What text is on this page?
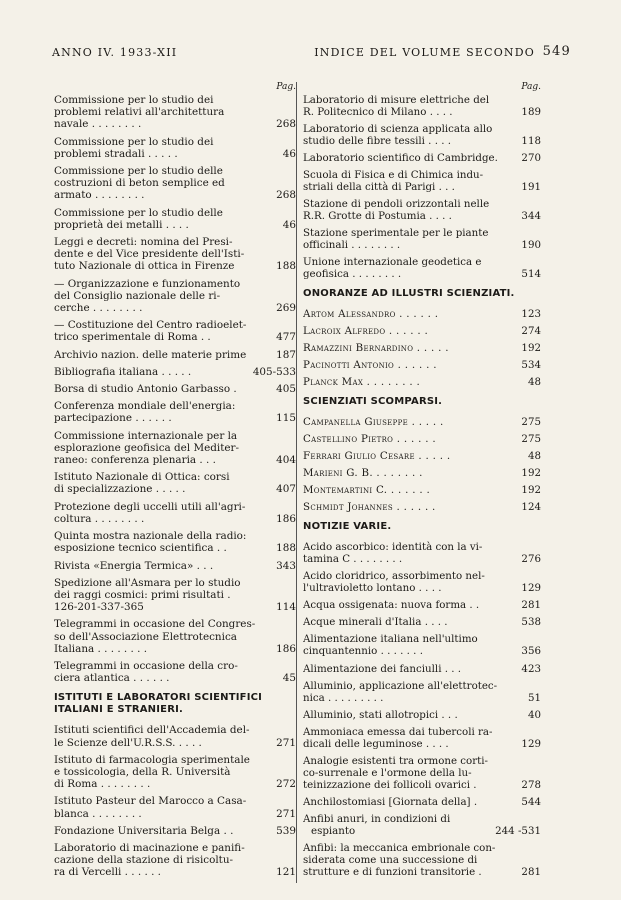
ANNO IV. 1933-XII	INDICE DEL VOLUME SECONDO 549
Pag.
Commissione per lo studio dei
problemi relativi all'architettura
navale . . . . . . . .	268
Commissione per lo studio dei
problemi stradali . . . . .	46
Commissione per lo studio delle
costruzioni di beton semplice ed
armato . . . . . . . .	268
Commissione per lo studio delle
proprietà dei metalli . . . .	46
Leggi e decreti: nomina del Presi-
dente e del Vice presidente dell'Isti-
tuto Nazionale di ottica in Firenze	188
— Organizzazione e funzionamento
del Consiglio nazionale delle ri-
cerche . . . . . . . .	269
— Costituzione del Centro radioelet-
trico sperimentale di Roma . .	477
Archivio nazion. delle materie prime	187
Bibliografia italiana . . . . .	405-533
Borsa di studio Antonio Garbasso .	405
Conferenza mondiale dell'energia:
partecipazione . . . . . .	115
Commissione internazionale per la
esplorazione geofisica del Mediter-
raneo: conferenza plenaria . . .	404
Istituto Nazionale di Ottica: corsi
di specializzazione . . . . .	407
Protezione degli uccelli utili all'agri-
coltura . . . . . . . .	186
Quinta mostra nazionale della radio:
esposizione tecnico scientifica . .	188
Rivista «Energia Termica» . . .	343
Spedizione all'Asmara per lo studio
dei raggi cosmici: primi risultati .
126-201-337-365	114
Telegrammi in occasione del Congres-
so dell'Associazione Elettrotecnica
Italiana . . . . . . . .	186
Telegrammi in occasione della cro-
ciera atlantica . . . . . .	45
ISTITUTI E LABORATORI SCIENTIFICI ITALIANI E STRANIERI.
Istituti scientifici dell'Accademia del-
le Scienze dell'U.R.S.S. . . . .	271
Istituto di farmacologia sperimentale
e tossicologia, della R. Università
di Roma . . . . . . . .	272
Istituto Pasteur del Marocco a Casa-
blanca . . . . . . . .	271
Fondazione Universitaria Belga . .	539
Laboratorio di macinazione e panifi-
cazione della stazione di risicoltu-
ra di Vercelli . . . . . .	121
Pag.
Laboratorio di misure elettriche del
R. Politecnico di Milano . . . .	189
Laboratorio di scienza applicata allo
studio delle fibre tessili . . . .	118
Laboratorio scientifico di Cambridge.	270
Scuola di Fisica e di Chimica indu-
striali della città di Parigi . . .	191
Stazione di pendoli orizzontali nelle
R.R. Grotte di Postumia . . . .	344
Stazione sperimentale per le piante
officinali . . . . . . . .	190
Unione internazionale geodetica e
geofisica . . . . . . . .	514
ONORANZE AD ILLUSTRI SCIENZIATI.
Artom Alessandro . . . . . .	123
Lacroix Alfredo . . . . . .	274
Ramazzini Bernardino . . . . .	192
Pacinotti Antonio . . . . . .	534
Planck Max . . . . . . . .	48
SCIENZIATI SCOMPARSI.
Campanella Giuseppe . . . . .	275
Castellino Pietro . . . . . .	275
Ferrari Giulio Cesare . . . . .	48
Marieni G. B. . . . . . . .	192
Montemartini C. . . . . . .	192
Schmidt Johannes . . . . . .	124
NOTIZIE VARIE.
Acido ascorbico: identità con la vi-
tamina C . . . . . . . .	276
Acido cloridrico, assorbimento nel-
l'ultravioletto lontano . . . .	129
Acqua ossigenata: nuova forma . .	281
Acque minerali d'Italia . . . .	538
Alimentazione italiana nell'ultimo
cinquantennio . . . . . . .	356
Alimentazione dei fanciulli . . .	423
Alluminio, applicazione all'elettrotec-
nica . . . . . . . . .	51
Alluminio, stati allotropici . . .	40
Ammoniaca emessa dai tubercoli ra-
dicali delle leguminose . . . .	129
Analogie esistenti tra ormone corti-
co-surrenale e l'ormone della lu-
teinizzazione dei follicoli ovarici .	278
Anchilostomiasi [Giornata della] .	544
Anfibi anuri, in condizioni di espianto	244 -531
Anfibi: la meccanica embrionale con-
siderata come una successione di
strutture e di funzioni transitorie .	281
